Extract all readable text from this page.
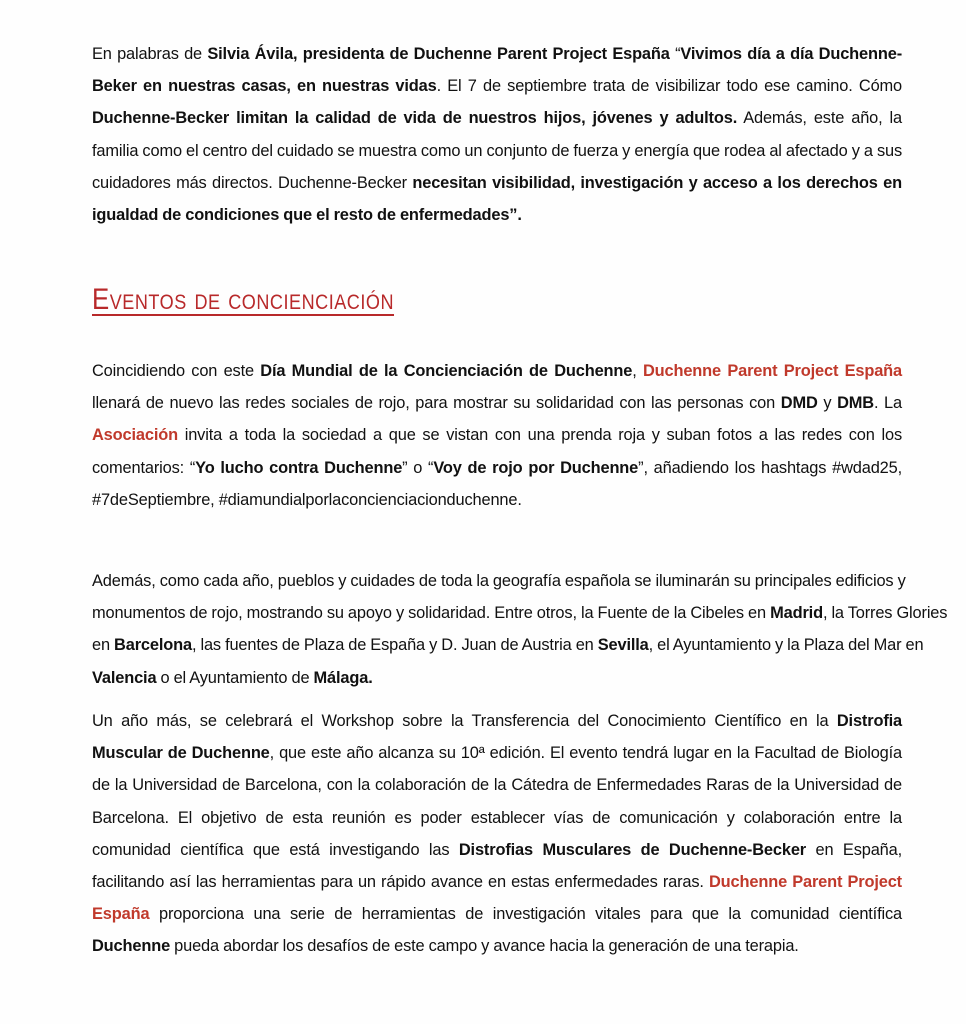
En palabras de Silvia Ávila, presidenta de Duchenne Parent Project España “Vivimos día a día Duchenne-Beker en nuestras casas, en nuestras vidas. El 7 de septiembre trata de visibilizar todo ese camino. Cómo Duchenne-Becker limitan la calidad de vida de nuestros hijos, jóvenes y adultos. Además, este año, la familia como el centro del cuidado se muestra como un conjunto de fuerza y energía que rodea al afectado y a sus cuidadores más directos. Duchenne-Becker necesitan visibilidad, investigación y acceso a los derechos en igualdad de condiciones que el resto de enfermedades”.

Eventos de concienciación

Coincidiendo con este Día Mundial de la Concienciación de Duchenne, Duchenne Parent Project España llenará de nuevo las redes sociales de rojo, para mostrar su solidaridad con las personas con DMD y DMB. La Asociación invita a toda la sociedad a que se vistan con una prenda roja y suban fotos a las redes con los comentarios: “Yo lucho contra Duchenne” o “Voy de rojo por Duchenne”, añadiendo los hashtags #wdad25, #7deSeptiembre, #diamundialporlaconcienciacionduchenne.

Además, como cada año, pueblos y cuidades de toda la geografía española se iluminarán su principales edificios y monumentos de rojo, mostrando su apoyo y solidaridad. Entre otros, la Fuente de la Cibeles en Madrid, la Torres Glories en Barcelona, las fuentes de Plaza de España y D. Juan de Austria en Sevilla, el Ayuntamiento y la Plaza del Mar en Valencia o el Ayuntamiento de Málaga.

Un año más, se celebrará el Workshop sobre la Transferencia del Conocimiento Científico en la Distrofia Muscular de Duchenne, que este año alcanza su 10ª edición. El evento tendrá lugar en la Facultad de Biología de la Universidad de Barcelona, con la colaboración de la Cátedra de Enfermedades Raras de la Universidad de Barcelona. El objetivo de esta reunión es poder establecer vías de comunicación y colaboración entre la comunidad científica que está investigando las Distrofias Musculares de Duchenne-Becker en España, facilitando así las herramientas para un rápido avance en estas enfermedades raras. Duchenne Parent Project España proporciona una serie de herramientas de investigación vitales para que la comunidad científica Duchenne pueda abordar los desafíos de este campo y avance hacia la generación de una terapia.
